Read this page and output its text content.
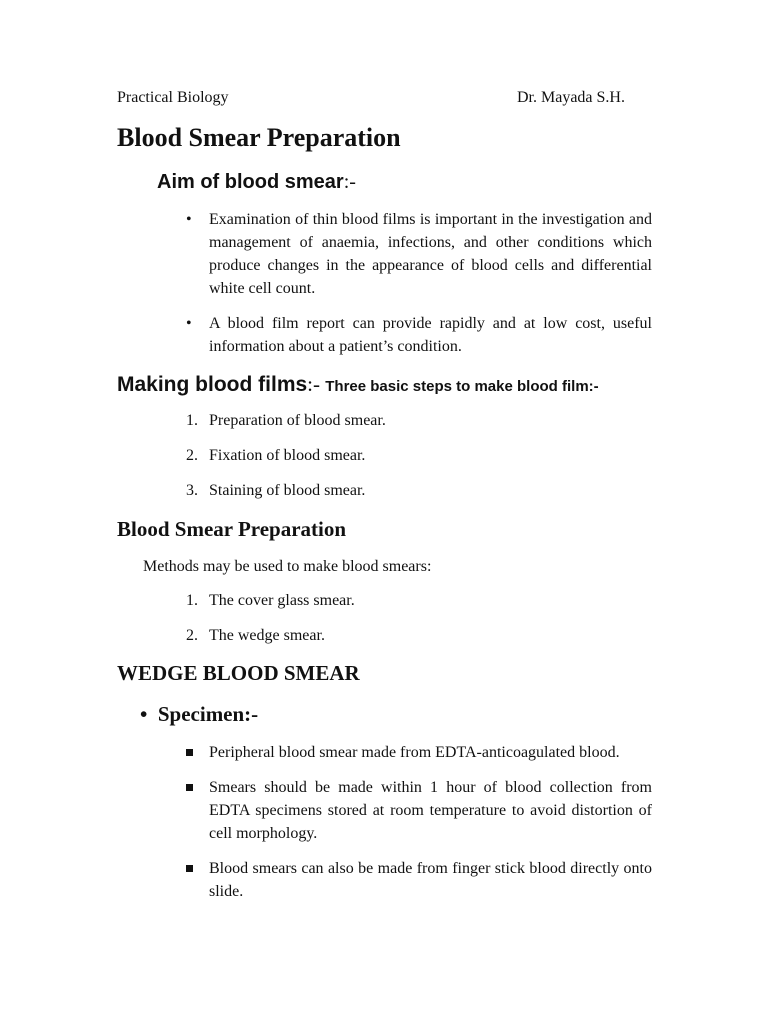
Practical Biology	Dr. Mayada S.H.
Blood Smear Preparation
Aim of blood smear:-
• Examination of thin blood films is important in the investigation and management of anaemia, infections, and other conditions which produce changes in the appearance of blood cells and differential white cell count.
• A blood film report can provide rapidly and at low cost, useful information about a patient’s condition.
Making blood films:- Three basic steps to make blood film:-
1. Preparation of blood smear.
2. Fixation of blood smear.
3. Staining of blood smear.
Blood Smear Preparation
Methods may be used to make blood smears:
1. The cover glass smear.
2. The wedge smear.
WEDGE BLOOD SMEAR
• Specimen:-
Peripheral blood smear made from EDTA-anticoagulated blood.
Smears should be made within 1 hour of blood collection from EDTA specimens stored at room temperature to avoid distortion of cell morphology.
Blood smears can also be made from finger stick blood directly onto slide.
